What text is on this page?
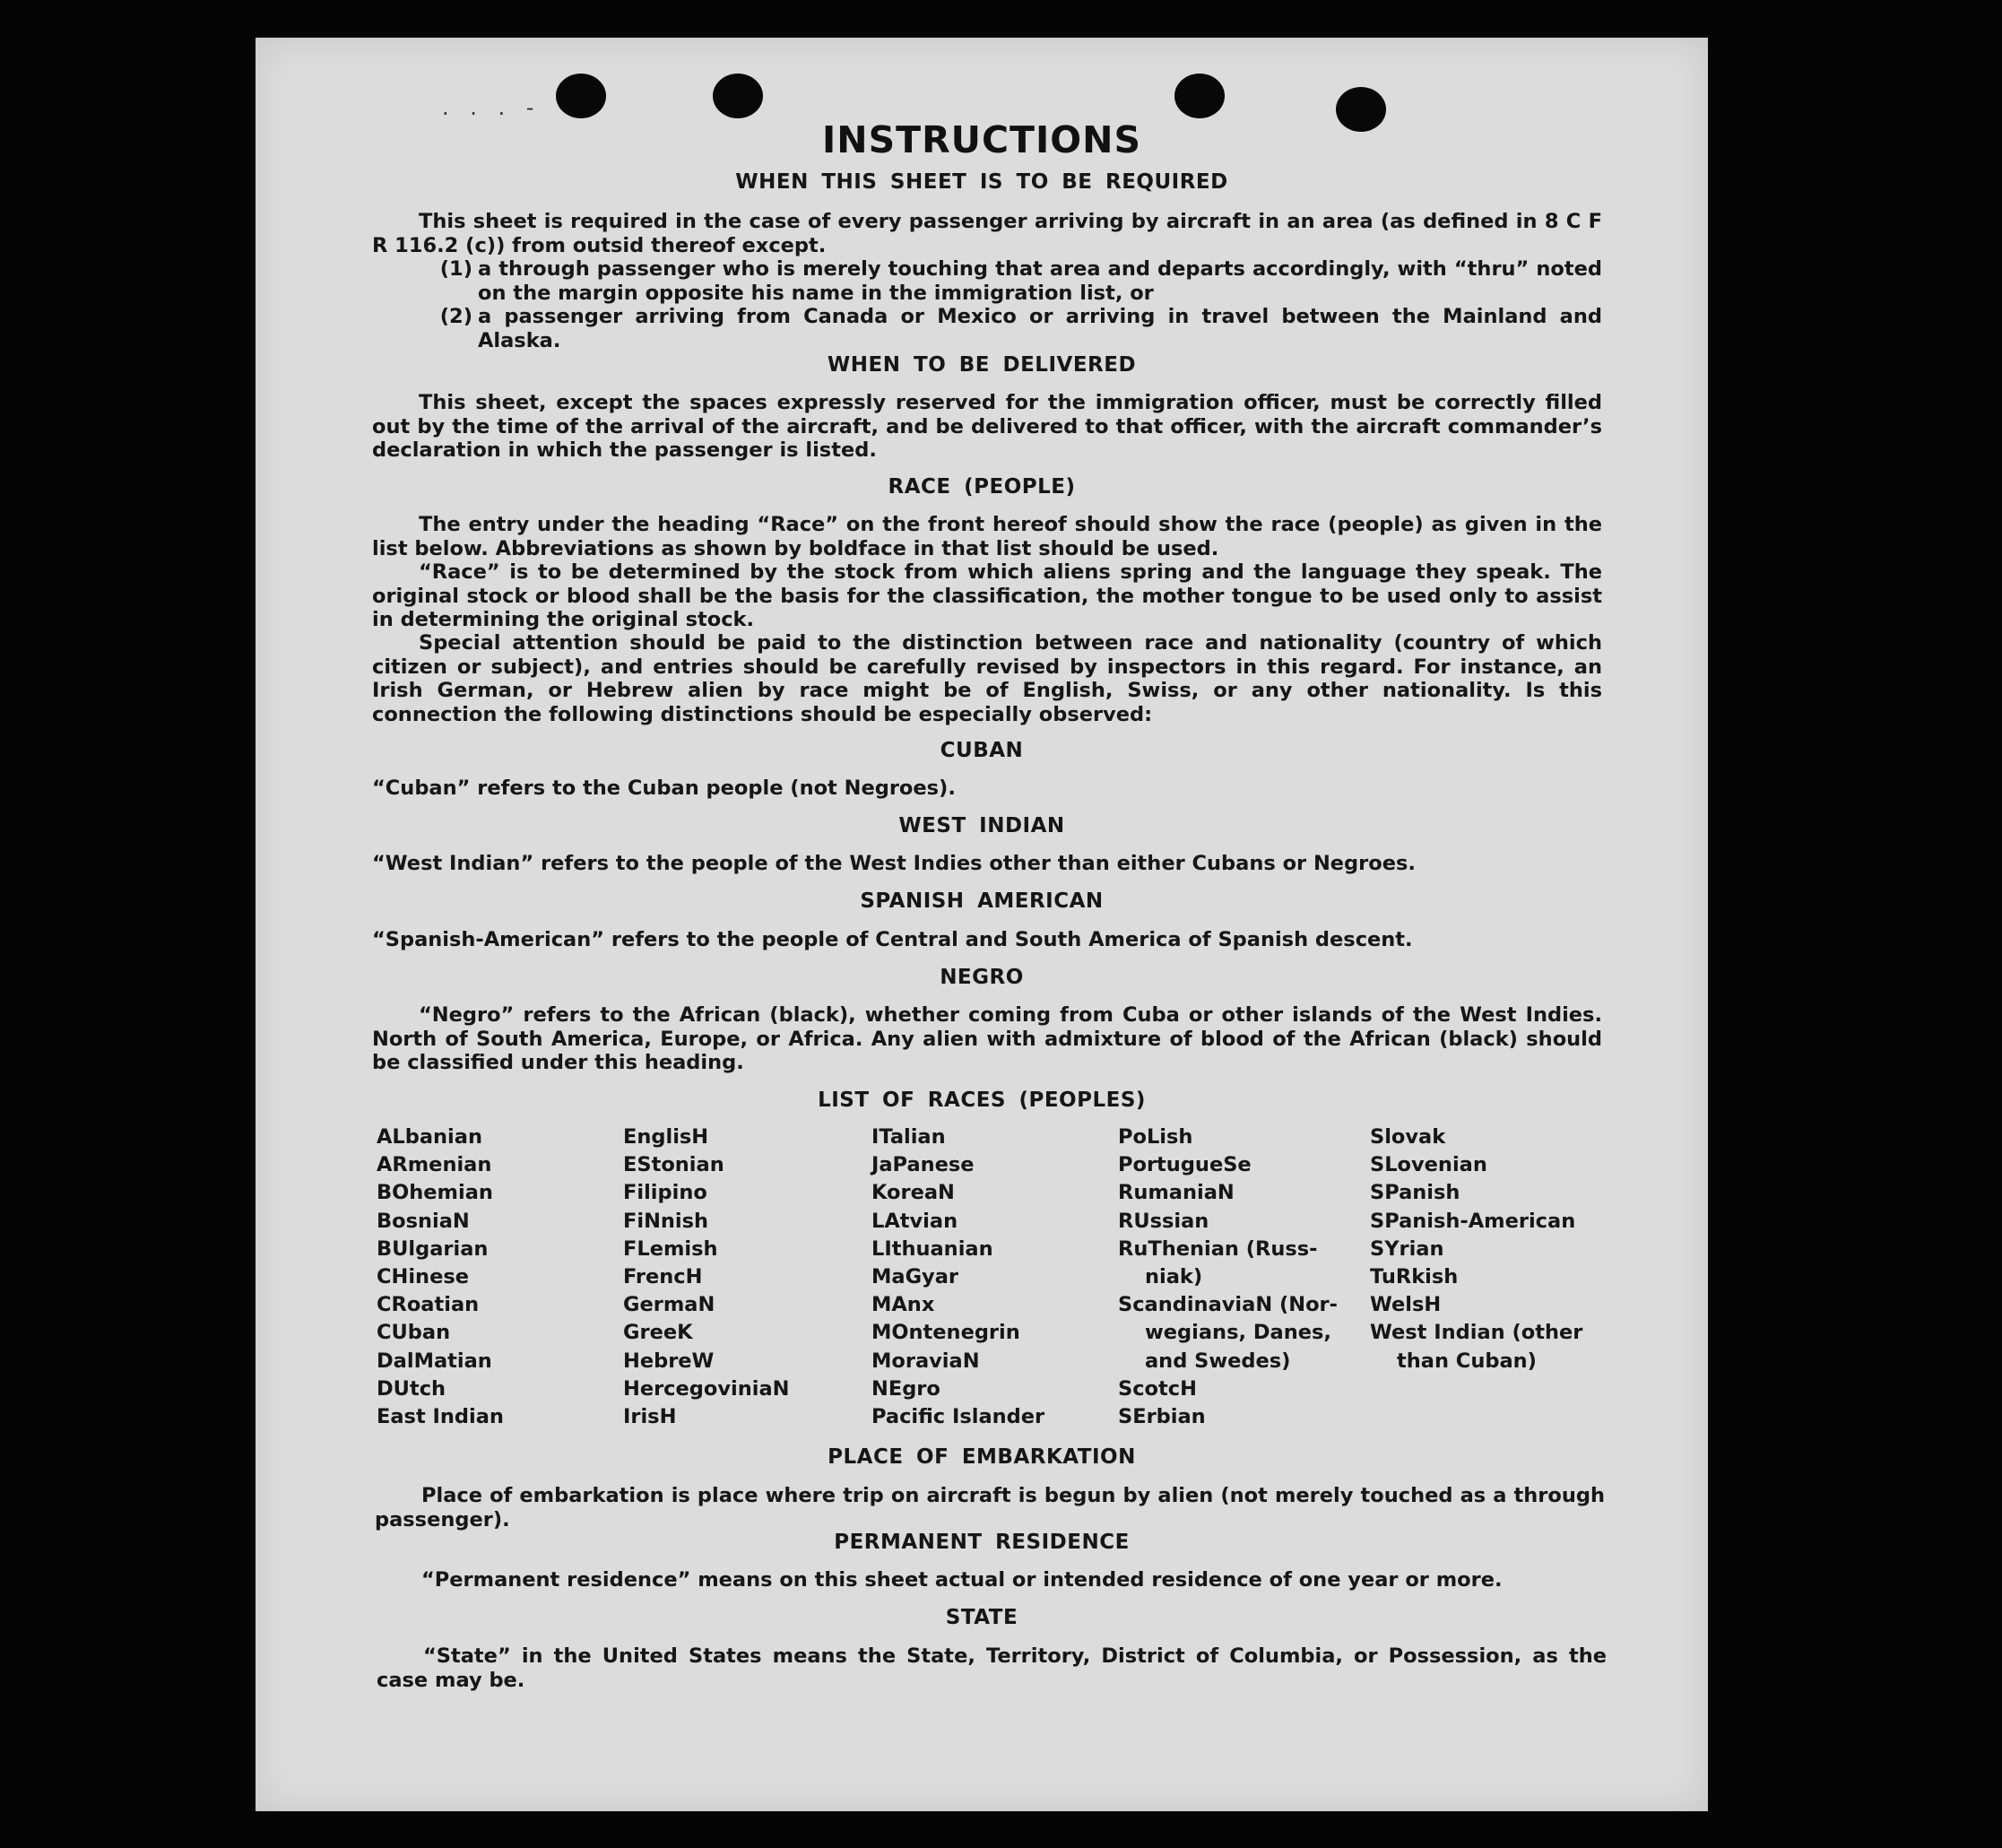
. . . -
INSTRUCTIONS
WHEN THIS SHEET IS TO BE REQUIRED

This sheet is required in the case of every passenger arriving by aircraft in an area (as defined in 8 C F R 116.2 (c)) from outsid thereof except.

(1) a through passenger who is merely touching that area and departs accordingly, with “thru” noted on the margin opposite his name in the immigration list, or
(2) a passenger arriving from Canada or Mexico or arriving in travel between the Mainland and Alaska.
WHEN TO BE DELIVERED

This sheet, except the spaces expressly reserved for the immigration officer, must be correctly filled out by the time of the arrival of the aircraft, and be delivered to that officer, with the aircraft commander’s declaration in which the passenger is listed.

RACE (PEOPLE)

The entry under the heading “Race” on the front hereof should show the race (people) as given in the list below. Abbreviations as shown by boldface in that list should be used.

“Race” is to be determined by the stock from which aliens spring and the language they speak. The original stock or blood shall be the basis for the classification, the mother tongue to be used only to assist in determining the original stock.

Special attention should be paid to the distinction between race and nationality (country of which citizen or subject), and entries should be carefully revised by inspectors in this regard. For instance, an Irish German, or Hebrew alien by race might be of English, Swiss, or any other nationality. Is this connection the following distinctions should be especially observed:

CUBAN

“Cuban” refers to the Cuban people (not Negroes).

WEST INDIAN

“West Indian” refers to the people of the West Indies other than either Cubans or Negroes.

SPANISH AMERICAN

“Spanish-American” refers to the people of Central and South America of Spanish descent.

NEGRO

“Negro” refers to the African (black), whether coming from Cuba or other islands of the West Indies. North of South America, Europe, or Africa. Any alien with admixture of blood of the African (black) should be classified under this heading.

LIST OF RACES (PEOPLES)
ALbanian
ARmenian
BOhemian
BosniaN
BUlgarian
CHinese
CRoatian
CUban
DalMatian
DUtch
East Indian
EnglisH
EStonian
Filipino
FiNnish
FLemish
FrencH
GermaN
GreeK
HebreW
HercegoviniaN
IrisH
ITalian
JaPanese
KoreaN
LAtvian
LIthuanian
MaGyar
MAnx
MOntenegrin
MoraviaN
NEgro
Pacific Islander
PoLish
PortugueSe
RumaniaN
RUssian
RuThenian (Russ-
niak)
ScandinaviaN (Nor-
wegians, Danes,
and Swedes)
ScotcH
SErbian
Slovak
SLovenian
SPanish
SPanish-American
SYrian
TuRkish
WelsH
West Indian (other
than Cuban)
PLACE OF EMBARKATION

Place of embarkation is place where trip on aircraft is begun by alien (not merely touched as a through passenger).

PERMANENT RESIDENCE

“Permanent residence” means on this sheet actual or intended residence of one year or more.

STATE

“State” in the United States means the State, Territory, District of Columbia, or Possession, as the case may be.
